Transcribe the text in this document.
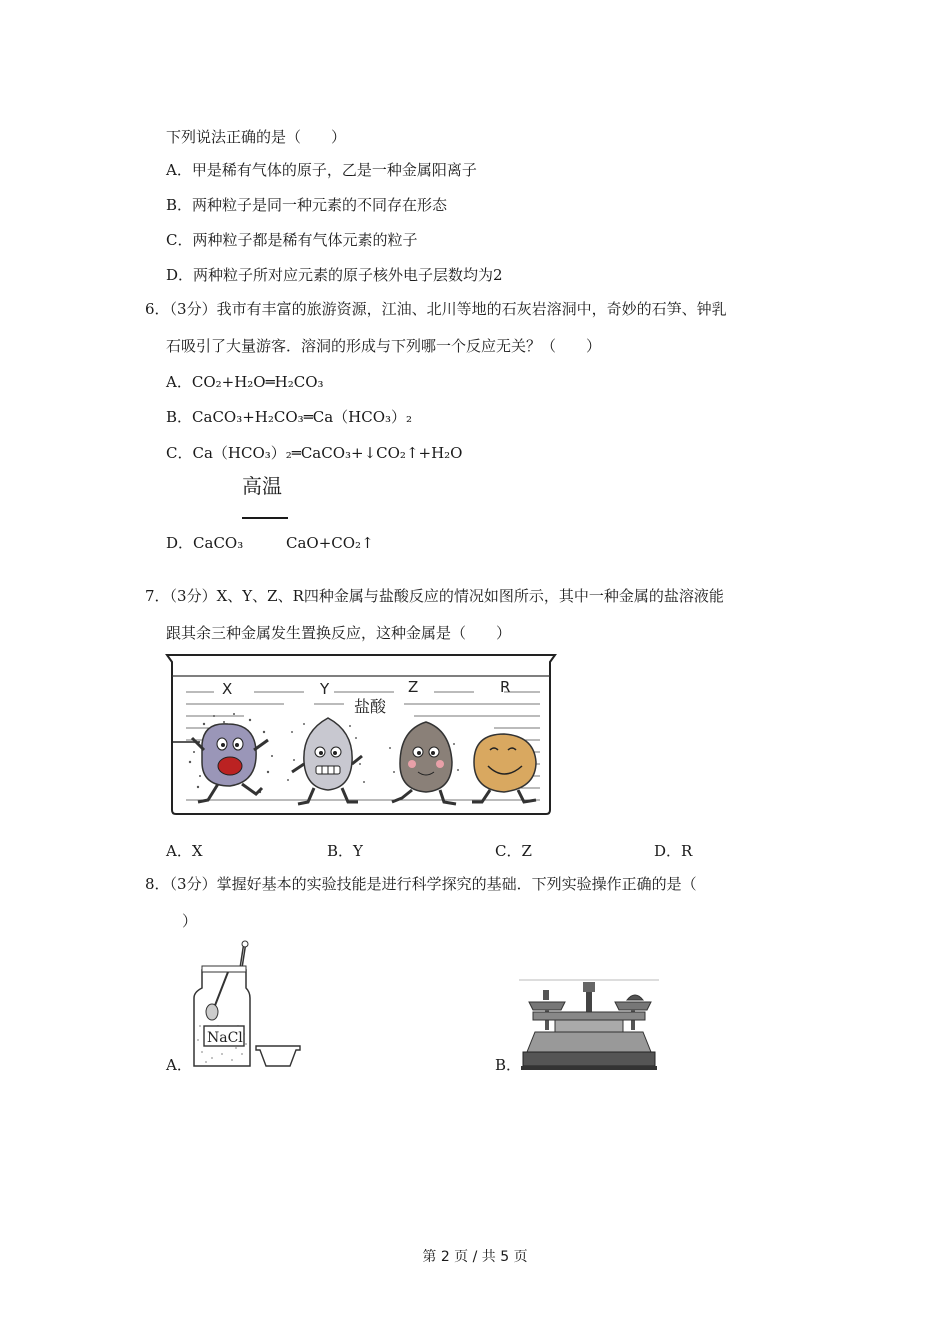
下列说法正确的是（　　）
A．甲是稀有气体的原子，乙是一种金属阳离子
B．两种粒子是同一种元素的不同存在形态
C．两种粒子都是稀有气体元素的粒子
D．两种粒子所对应元素的原子核外电子层数均为2
6．（3分）我市有丰富的旅游资源，江油、北川等地的石灰岩溶洞中，奇妙的石笋、钟乳
石吸引了大量游客．溶洞的形成与下列哪一个反应无关？（　　）
A．CO₂+H₂O═H₂CO₃
B．CaCO₃+H₂CO₃═Ca（HCO₃）₂
C．Ca（HCO₃）₂═CaCO₃+↓CO₂↑+H₂O
高温
D．CaCO₃	CaO+CO₂↑
7．（3分）X、Y、Z、R四种金属与盐酸反应的情况如图所示，其中一种金属的盐溶液能
跟其余三种金属发生置换反应，这种金属是（　　）
X	Y	Z	R
盐酸
A．X	B．Y	C．Z	D．R
8．（3分）掌握好基本的实验技能是进行科学探究的基础．下列实验操作正确的是（
）
A．
NaCl
B．
第 2 页 / 共 5 页
